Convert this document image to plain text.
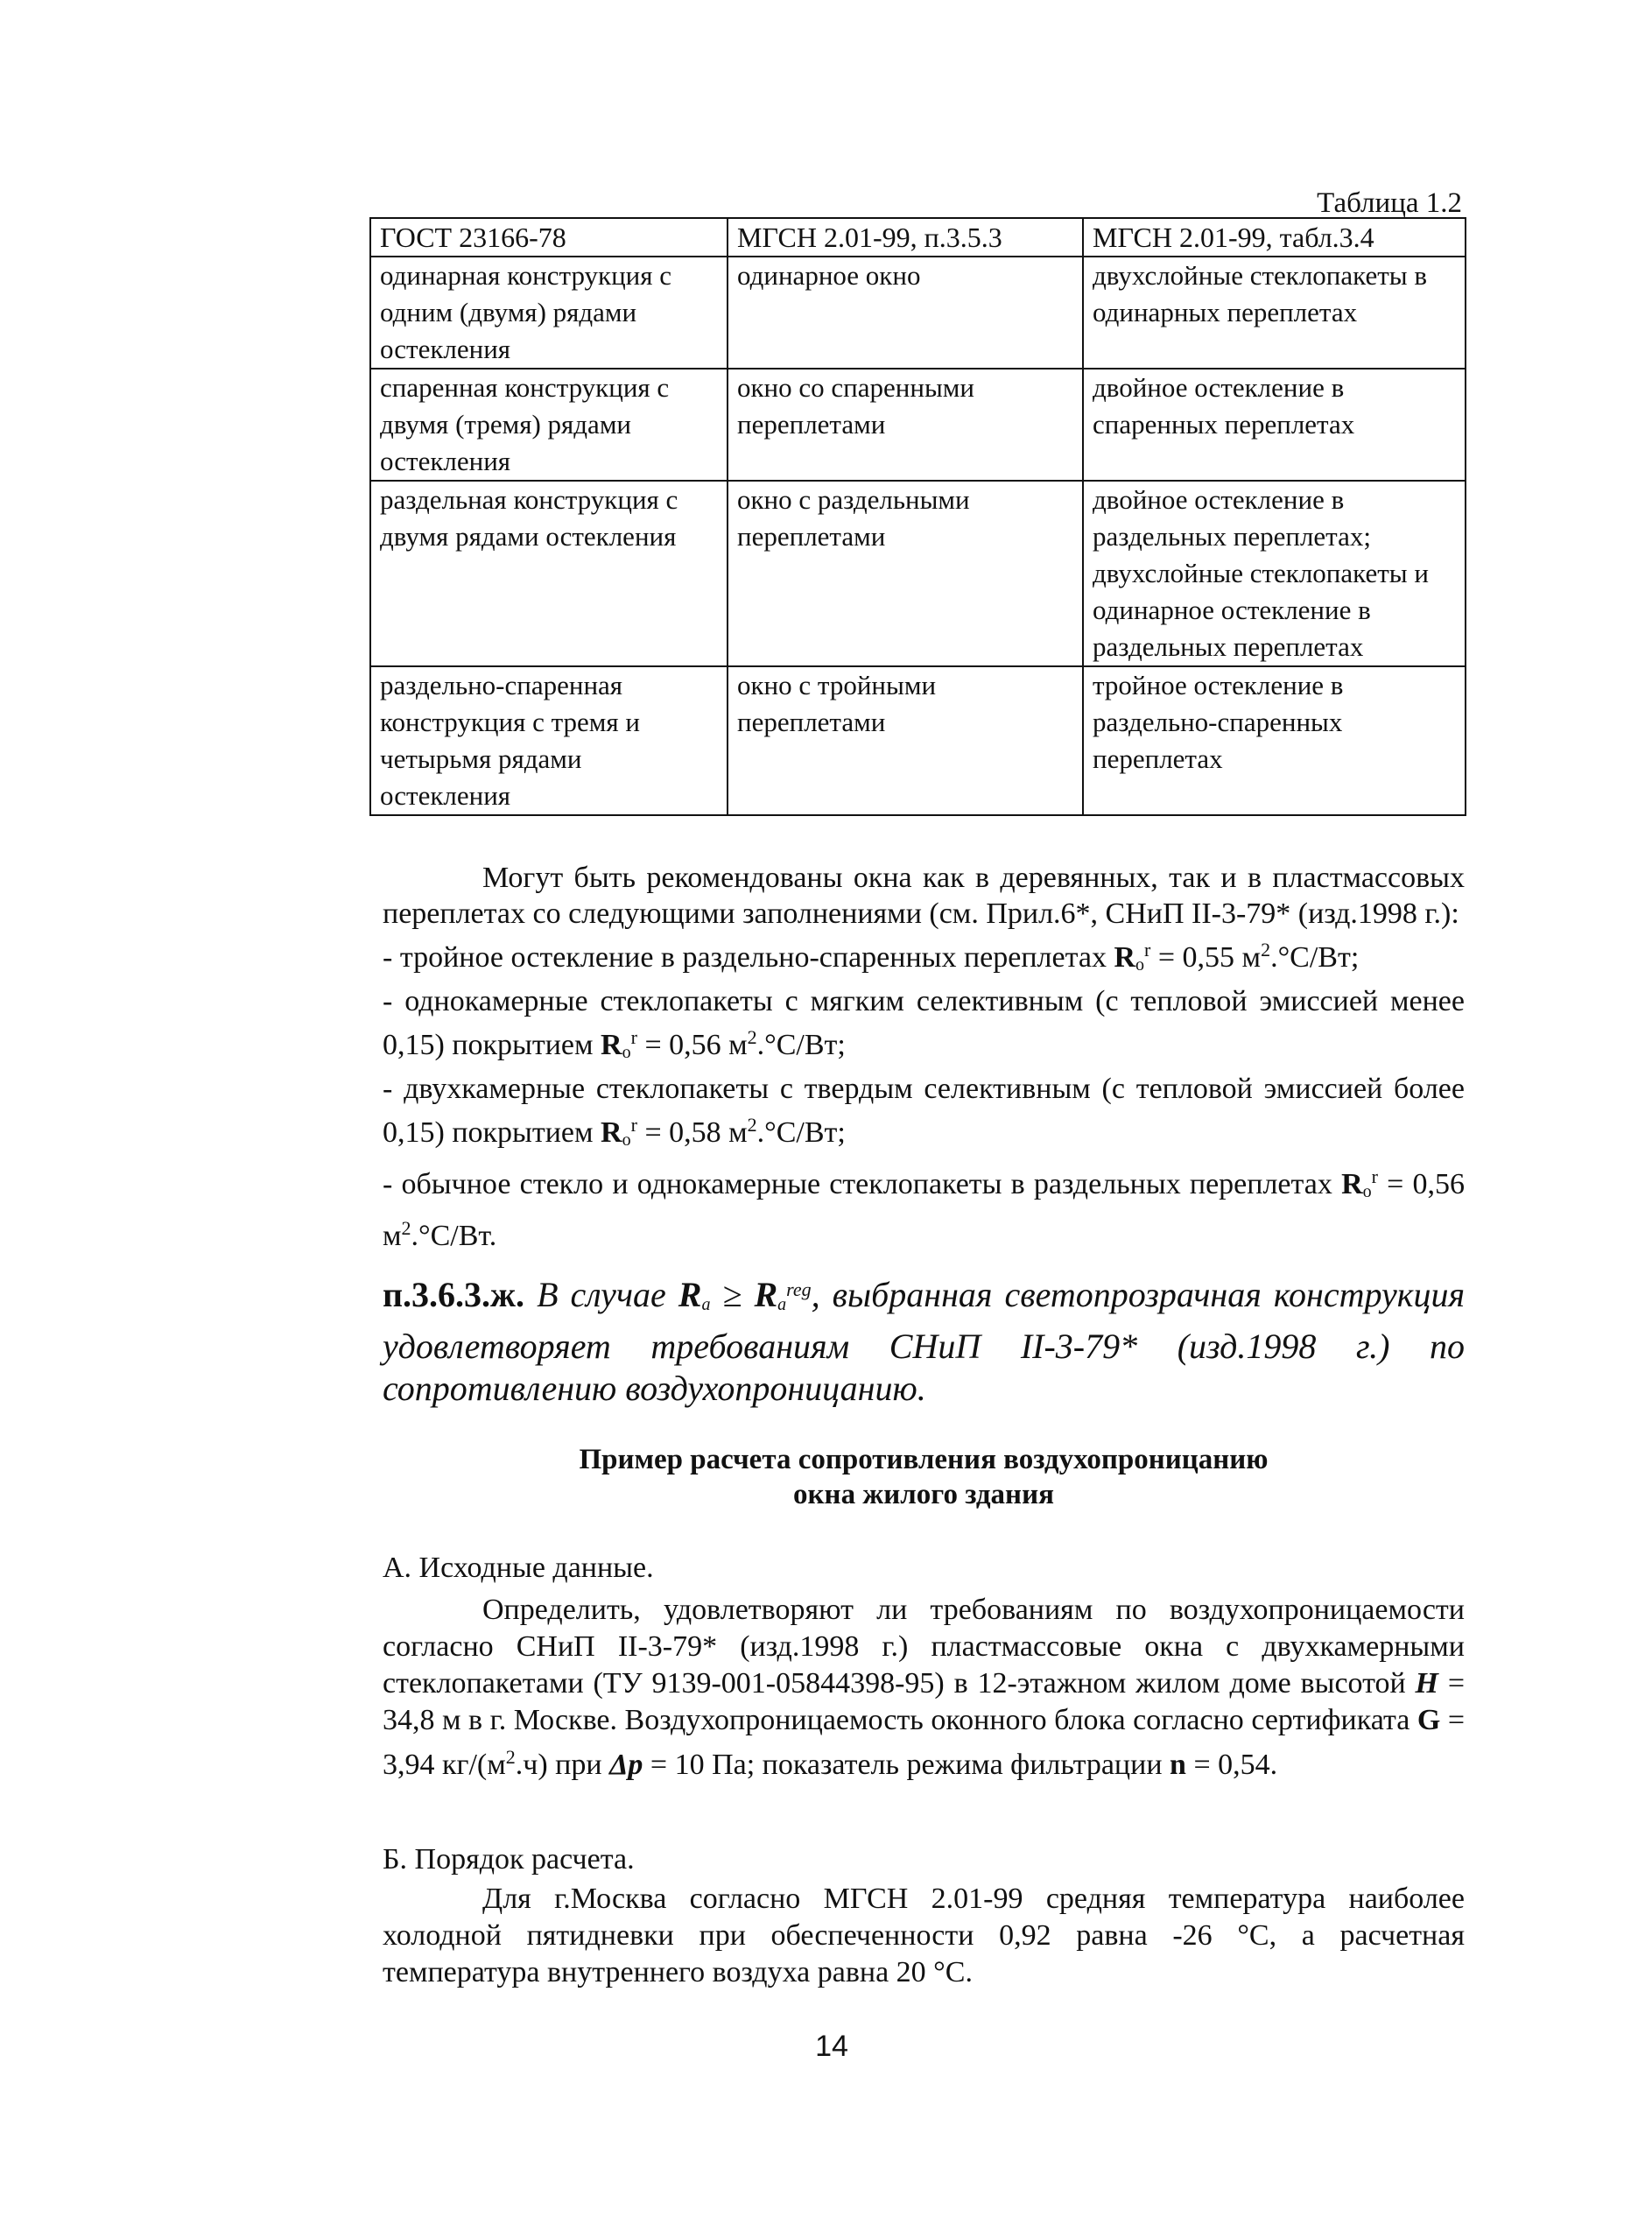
Таблица 1.2
ГОСТ 23166-78	МГСН 2.01-99, п.3.5.3	МГСН 2.01-99, табл.3.4
одинарная конструкция с одним (двумя) рядами остекления	одинарное окно	двухслойные стеклопакеты в одинарных переплетах
спаренная конструкция с двумя (тремя) рядами остекления	окно со спаренными переплетами	двойное остекление в спаренных переплетах
раздельная конструкция с двумя рядами остекления	окно с раздельными переплетами	двойное остекление в раздельных переплетах; двухслойные стеклопакеты и одинарное остекление в раздельных переплетах
раздельно-спаренная конструкция с тремя и четырьмя рядами остекления	окно с тройными переплетами	тройное остекление в раздельно-спаренных переплетах

Могут быть рекомендованы окна как в деревянных, так и в пластмассовых переплетах со следующими заполнениями (см. Прил.6*, СНиП II-3-79* (изд.1998 г.):

- тройное остекление в раздельно-спаренных переплетах $R_o^r = 0,55$ $м^2.^\circ С/Вт$;

- однокамерные стеклопакеты с мягким селективным (с тепловой эмиссией менее 0,15) покрытием $R_o^r = 0,56$ $м^2.^\circ С/Вт$;

- двухкамерные стеклопакеты с твердым селективным (с тепловой эмиссией более 0,15) покрытием $R_o^r = 0,58$ $м^2.^\circ С/Вт$;

- обычное стекло и однокамерные стеклопакеты в раздельных переплетах $R_o^r = 0,56$ $м^2.^\circ С/Вт$.

п.3.6.3.ж. В случае $R_a \ge R_a^{reg}$, выбранная светопрозрачная конструкция удовлетворяет требованиям СНиП II-3-79* (изд.1998 г.) по сопротивлению воздухопроницанию.
Пример расчета сопротивления воздухопроницанию
окна жилого здания
А. Исходные данные.
Определить, удовлетворяют ли требованиям по воздухопроницаемости согласно СНиП II-3-79* (изд.1998 г.) пластмассовые окна с двухкамерными стеклопакетами (ТУ 9139-001-05844398-95) в 12-этажном жилом доме высотой H = 34,8 м в г. Москве. Воздухопроницаемость оконного блока согласно сертификата G = 3,94 $кг/(м^2.ч)$ при Δp = 10 Па; показатель режима фильтрации n = 0,54.
Б. Порядок расчета.
Для г.Москва согласно МГСН 2.01-99 средняя температура наиболее холодной пятидневки при обеспеченности 0,92 равна -26 °С, а расчетная температура внутреннего воздуха равна 20 °С.
14
